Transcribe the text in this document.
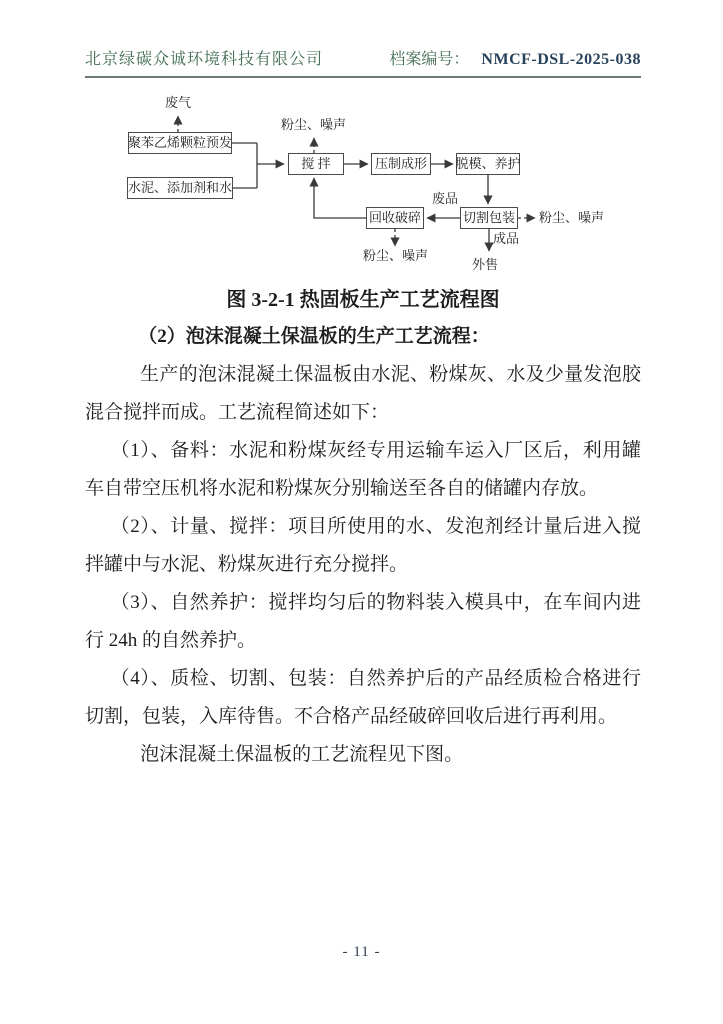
北京绿碳众诚环境科技有限公司	档案编号： NMCF-DSL-2025-038
聚苯乙烯颗粒预发
水泥、添加剂和水
搅 拌	压制成形	脱模、养护
回收破碎	切割包装
废气
粉尘、噪声
废品
粉尘、噪声
成品
外售
粉尘、噪声
图 3-2-1 热固板生产工艺流程图

（2）泡沫混凝土保温板的生产工艺流程：

生产的泡沫混凝土保温板由水泥、粉煤灰、水及少量发泡胶混合搅拌而成。工艺流程简述如下：

（1）、备料：水泥和粉煤灰经专用运输车运入厂区后，利用罐车自带空压机将水泥和粉煤灰分别输送至各自的储罐内存放。

（2）、计量、搅拌：项目所使用的水、发泡剂经计量后进入搅拌罐中与水泥、粉煤灰进行充分搅拌。

（3）、自然养护：搅拌均匀后的物料装入模具中，在车间内进行 24h 的自然养护。

（4）、质检、切割、包装：自然养护后的产品经质检合格进行切割，包装，入库待售。不合格产品经破碎回收后进行再利用。

泡沫混凝土保温板的工艺流程见下图。

- 11 -
